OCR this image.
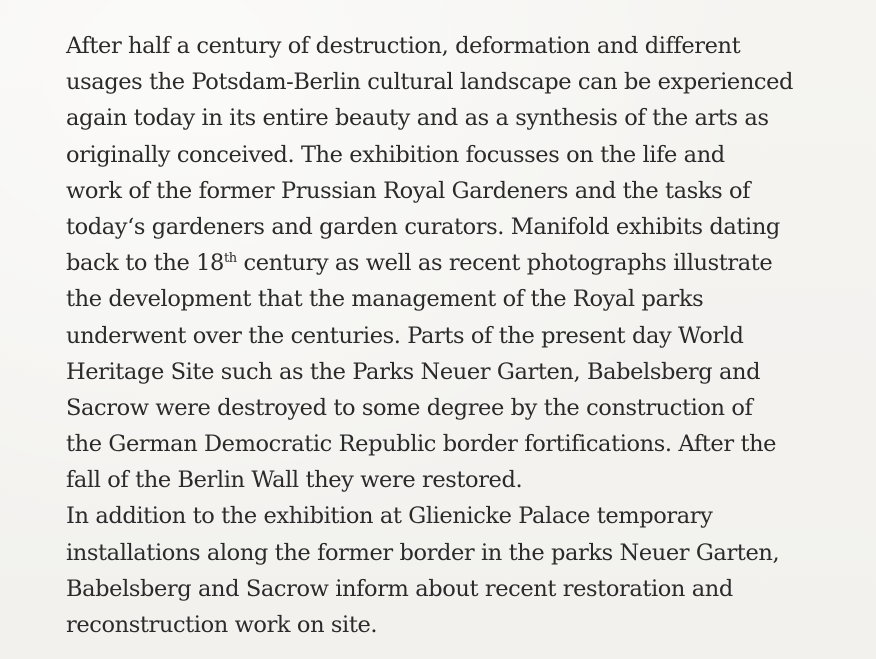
After half a century of destruction, deformation and different
usages the Potsdam-Berlin cultural landscape can be experienced
again today in its entire beauty and as a synthesis of the arts as
originally conceived. The exhibition focusses on the life and
work of the former Prussian Royal Gardeners and the tasks of
today‘s gardeners and garden curators. Manifold exhibits dating
back to the 18th century as well as recent photographs illustrate
the development that the management of the Royal parks
underwent over the centuries. Parts of the present day World
Heritage Site such as the Parks Neuer Garten, Babelsberg and
Sacrow were destroyed to some degree by the construction of
the German Democratic Republic border fortifications. After the
fall of the Berlin Wall they were restored.
In addition to the exhibition at Glienicke Palace temporary
installations along the former border in the parks Neuer Garten,
Babelsberg and Sacrow inform about recent restoration and
reconstruction work on site.
